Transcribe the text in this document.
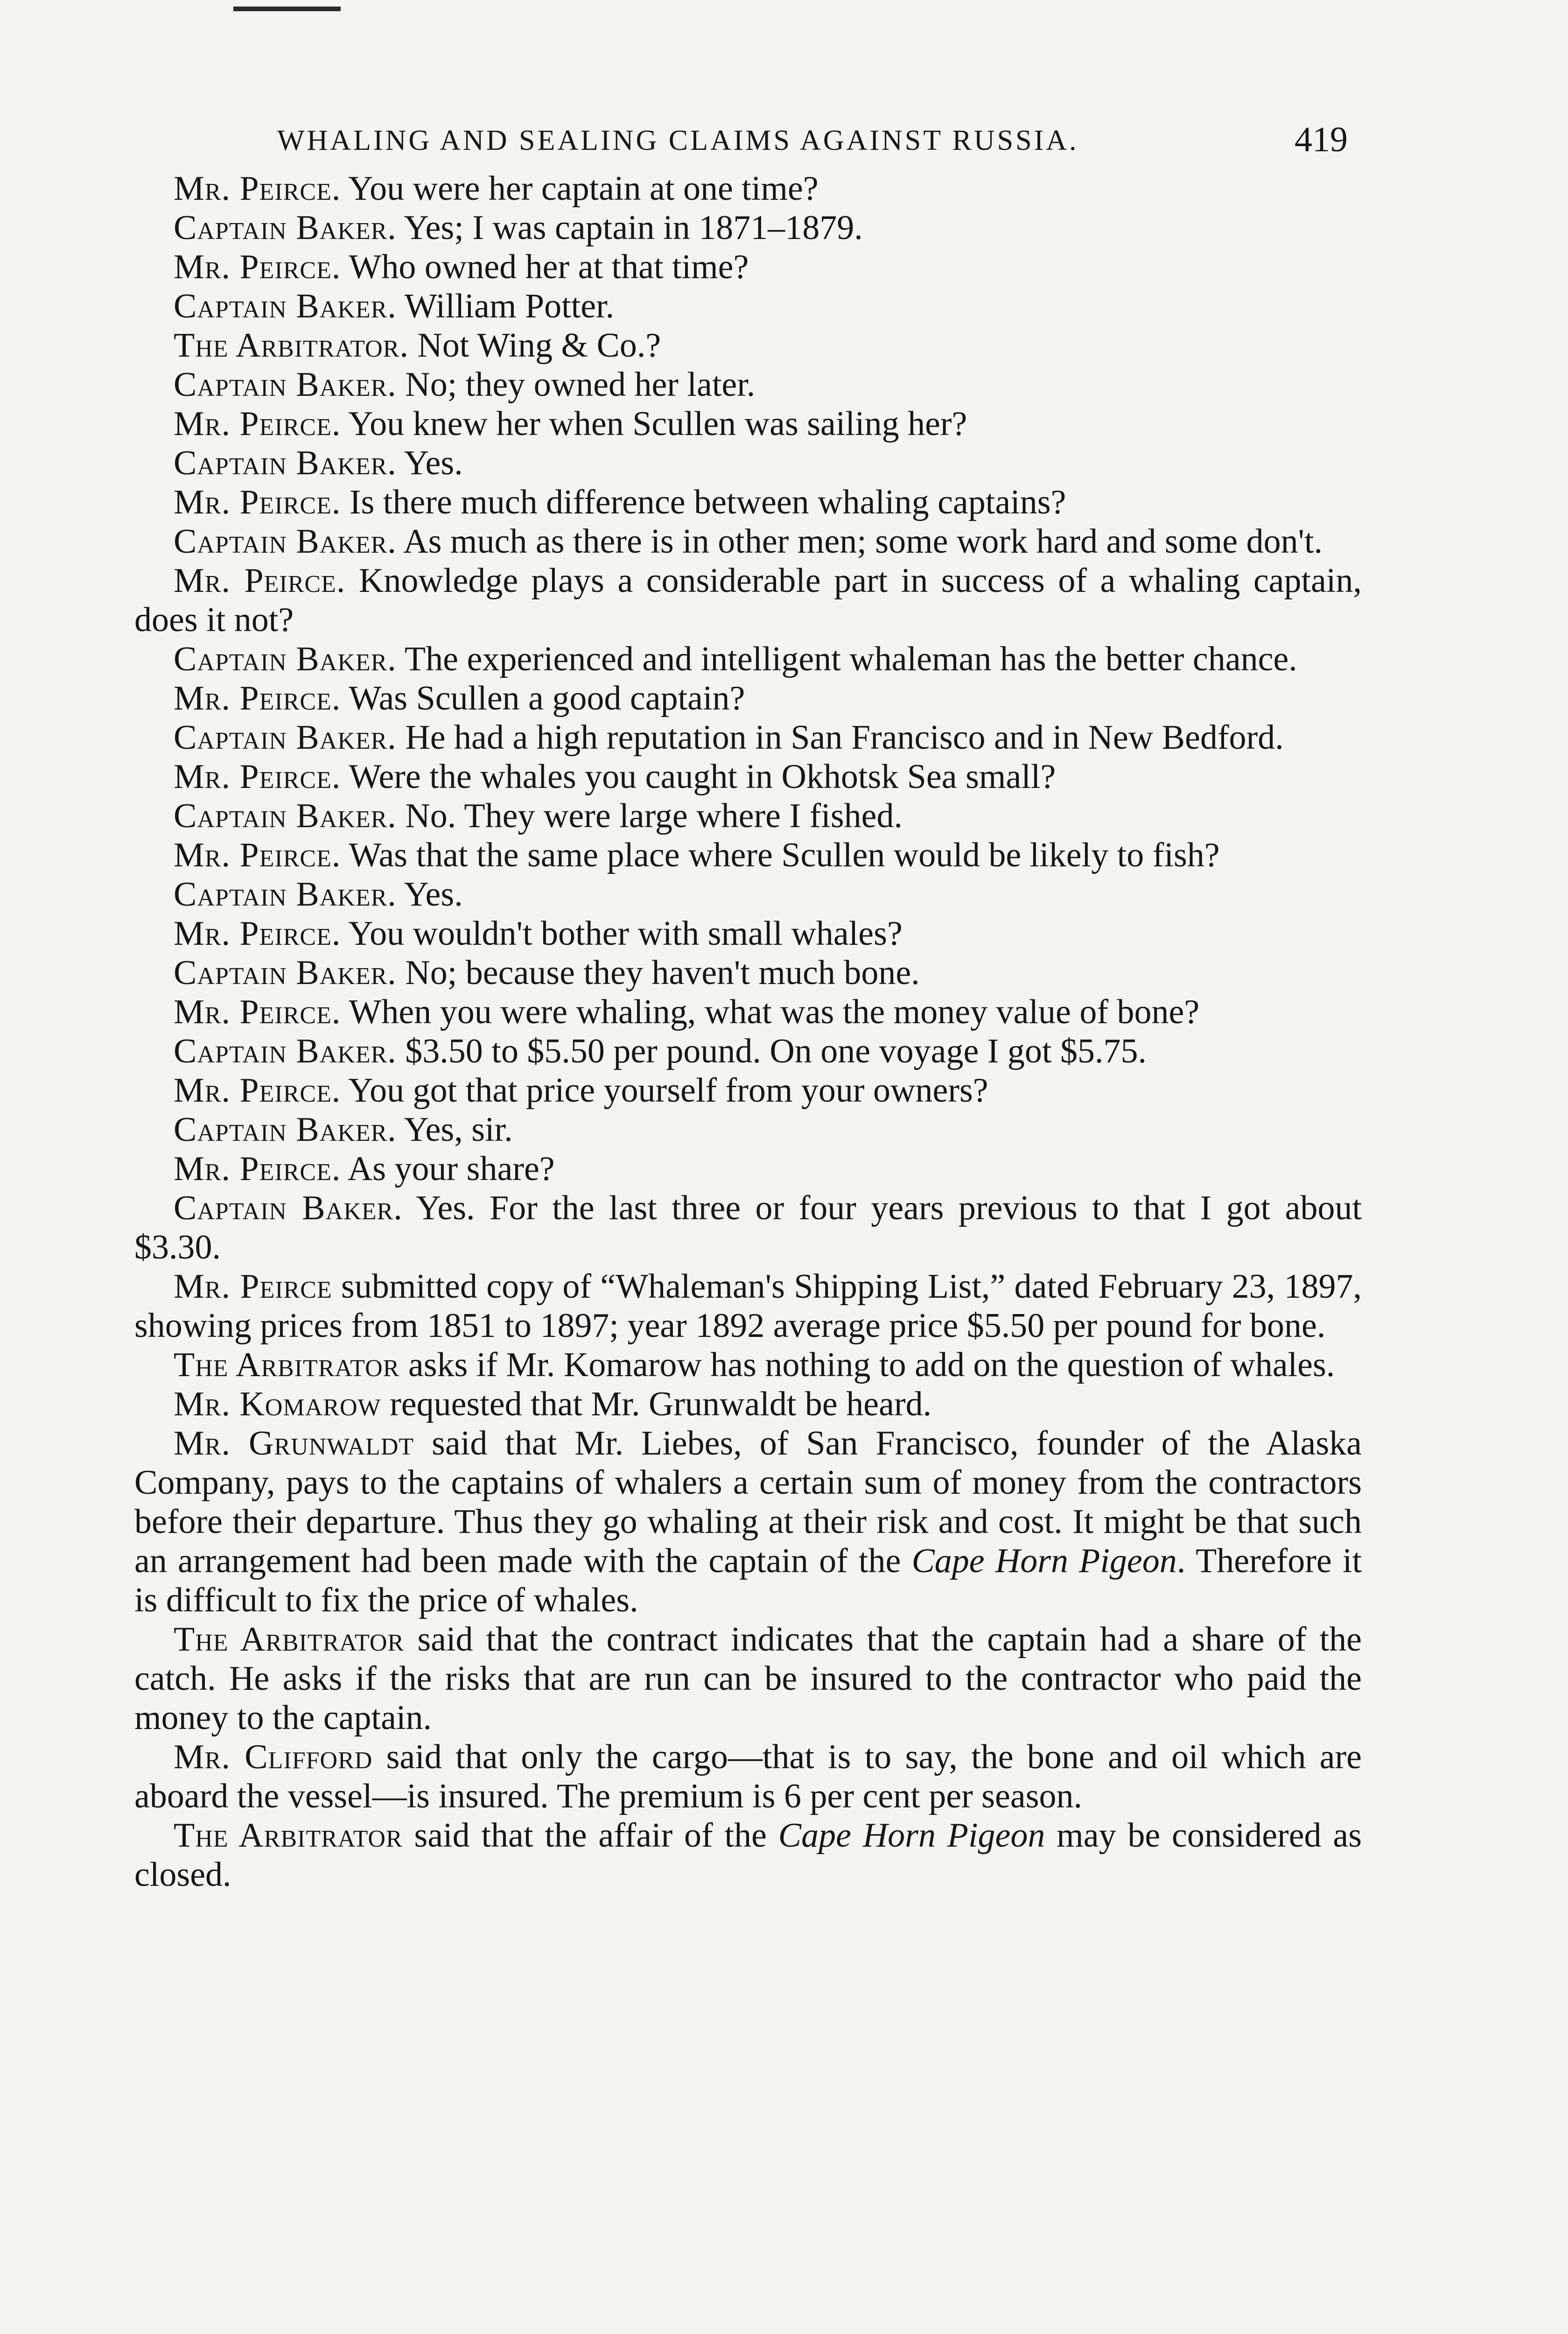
WHALING AND SEALING CLAIMS AGAINST RUSSIA.	419

Mr. Peirce. You were her captain at one time?

Captain Baker. Yes; I was captain in 1871–1879.

Mr. Peirce. Who owned her at that time?

Captain Baker. William Potter.

The Arbitrator. Not Wing & Co.?

Captain Baker. No; they owned her later.

Mr. Peirce. You knew her when Scullen was sailing her?

Captain Baker. Yes.

Mr. Peirce. Is there much difference between whaling captains?

Captain Baker. As much as there is in other men; some work hard and some don't.

Mr. Peirce. Knowledge plays a considerable part in success of a whaling captain, does it not?

Captain Baker. The experienced and intelligent whaleman has the better chance.

Mr. Peirce. Was Scullen a good captain?

Captain Baker. He had a high reputation in San Francisco and in New Bedford.

Mr. Peirce. Were the whales you caught in Okhotsk Sea small?

Captain Baker. No. They were large where I fished.

Mr. Peirce. Was that the same place where Scullen would be likely to fish?

Captain Baker. Yes.

Mr. Peirce. You wouldn't bother with small whales?

Captain Baker. No; because they haven't much bone.

Mr. Peirce. When you were whaling, what was the money value of bone?

Captain Baker. $3.50 to $5.50 per pound. On one voyage I got $5.75.

Mr. Peirce. You got that price yourself from your owners?

Captain Baker. Yes, sir.

Mr. Peirce. As your share?

Captain Baker. Yes. For the last three or four years previous to that I got about $3.30.

Mr. Peirce submitted copy of “Whaleman's Shipping List,” dated February 23, 1897, showing prices from 1851 to 1897; year 1892 average price $5.50 per pound for bone.

The Arbitrator asks if Mr. Komarow has nothing to add on the question of whales.

Mr. Komarow requested that Mr. Grunwaldt be heard.

Mr. Grunwaldt said that Mr. Liebes, of San Francisco, founder of the Alaska Company, pays to the captains of whalers a certain sum of money from the contractors before their departure. Thus they go whaling at their risk and cost. It might be that such an arrangement had been made with the captain of the Cape Horn Pigeon. Therefore it is difficult to fix the price of whales.

The Arbitrator said that the contract indicates that the captain had a share of the catch. He asks if the risks that are run can be insured to the contractor who paid the money to the captain.

Mr. Clifford said that only the cargo—that is to say, the bone and oil which are aboard the vessel—is insured. The premium is 6 per cent per season.

The Arbitrator said that the affair of the Cape Horn Pigeon may be considered as closed.
